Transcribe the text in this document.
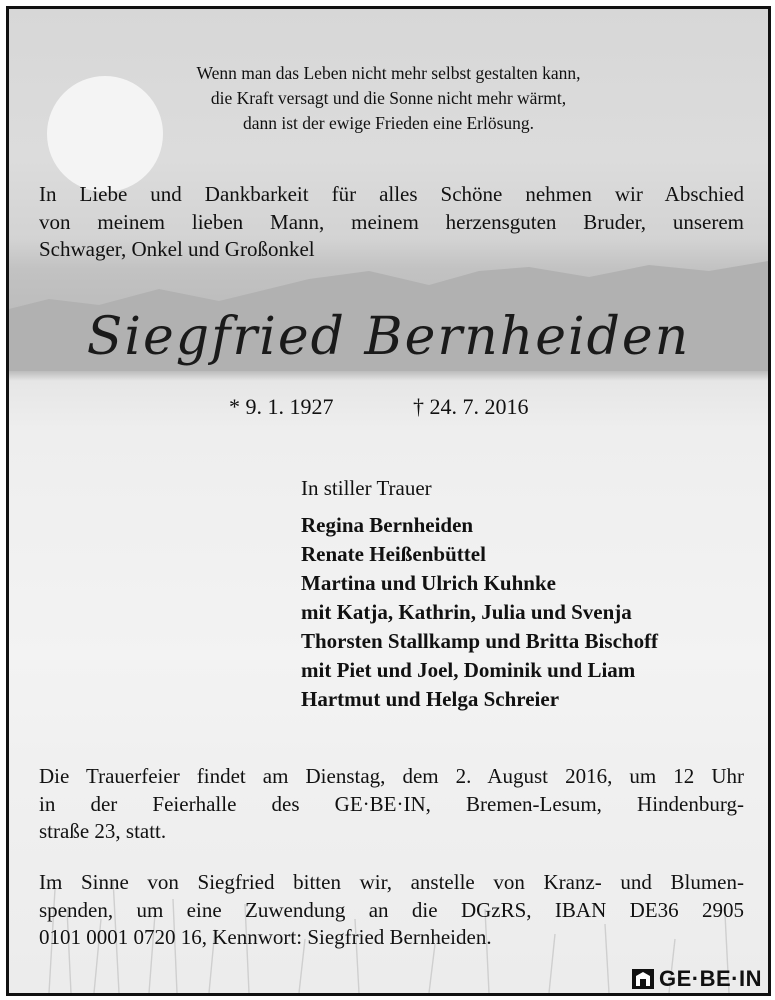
Wenn man das Leben nicht mehr selbst gestalten kann,
die Kraft versagt und die Sonne nicht mehr wärmt,
dann ist der ewige Frieden eine Erlösung.
In Liebe und Dankbarkeit für alles Schöne nehmen wir Abschied
von meinem lieben Mann, meinem herzensguten Bruder, unserem
Schwager, Onkel und Großonkel
Siegfried Bernheiden
* 9. 1. 1927	† 24. 7. 2016
In stiller Trauer
Regina Bernheiden
Renate Heißenbüttel
Martina und Ulrich Kuhnke
mit Katja, Kathrin, Julia und Svenja
Thorsten Stallkamp und Britta Bischoff
mit Piet und Joel, Dominik und Liam
Hartmut und Helga Schreier
Die Trauerfeier findet am Dienstag, dem 2. August 2016, um 12 Uhr
in der Feierhalle des GE·BE·IN, Bremen-Lesum, Hindenburg-
straße 23, statt.
Im Sinne von Siegfried bitten wir, anstelle von Kranz- und Blumen-
spenden, um eine Zuwendung an die DGzRS, IBAN DE36 2905
0101 0001 0720 16, Kennwort: Siegfried Bernheiden.
GE·BE·IN
